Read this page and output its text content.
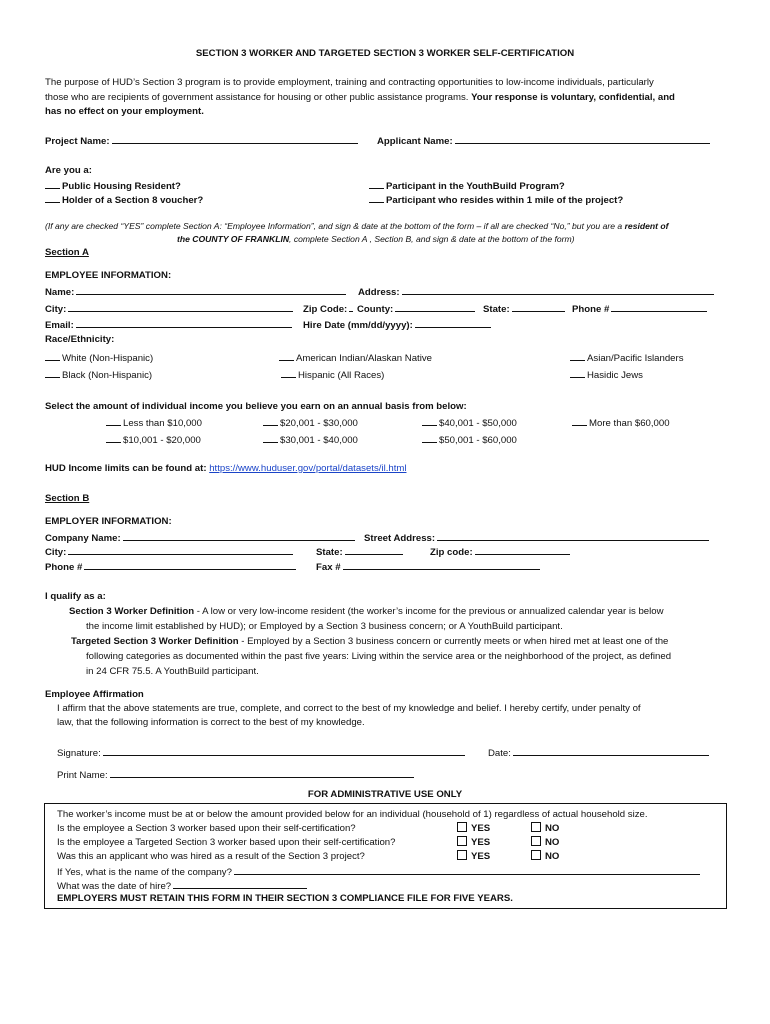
SECTION 3 WORKER AND TARGETED SECTION 3 WORKER SELF-CERTIFICATION
The purpose of HUD’s Section 3 program is to provide employment, training and contracting opportunities to low-income individuals, particularly
those who are recipients of government assistance for housing or other public assistance programs. Your response is voluntary, confidential, and
has no effect on your employment.
Project Name:	Applicant Name:
Are you a:
Public Housing Resident?
Holder of a Section 8 voucher?
Participant in the YouthBuild Program?
Participant who resides within 1 mile of the project?
(If any are checked “YES” complete Section A: “Employee Information”, and sign & date at the bottom of the form – if all are checked “No,” but you are a resident of
the COUNTY OF FRANKLIN, complete Section A , Section B, and sign & date at the bottom of the form)
Section A
EMPLOYEE INFORMATION:
Name:	Address:
City:	Zip Code:	County:	State:	Phone #
Email:	Hire Date (mm/dd/yyyy):
Race/Ethnicity:
White (Non-Hispanic)	American Indian/Alaskan Native	Asian/Pacific Islanders
Black (Non-Hispanic)	Hispanic (All Races)	Hasidic Jews
Select the amount of individual income you believe you earn on an annual basis from below:
Less than $10,000	$20,001 - $30,000	$40,001 - $50,000	More than $60,000
$10,001 - $20,000	$30,001 - $40,000	$50,001 - $60,000
HUD Income limits can be found at: https://www.huduser.gov/portal/datasets/il.html
Section B
EMPLOYER INFORMATION:
Company Name:	Street Address:
City:	State:	Zip code:
Phone #	Fax #
I qualify as a:
Section 3 Worker Definition - A low or very low-income resident (the worker’s income for the previous or annualized calendar year is below
the income limit established by HUD); or Employed by a Section 3 business concern; or A YouthBuild participant.
Targeted Section 3 Worker Definition - Employed by a Section 3 business concern or currently meets or when hired met at least one of the
following categories as documented within the past five years: Living within the service area or the neighborhood of the project, as defined
in 24 CFR 75.5. A YouthBuild participant.
Employee Affirmation
I affirm that the above statements are true, complete, and correct to the best of my knowledge and belief. I hereby certify, under penalty of
law, that the following information is correct to the best of my knowledge.
Signature:	Date:
Print Name:
FOR ADMINISTRATIVE USE ONLY
The worker’s income must be at or below the amount provided below for an individual (household of 1) regardless of actual household size.
Is the employee a Section 3 worker based upon their self-certification?	YES	NO
Is the employee a Targeted Section 3 worker based upon their self-certification?	YES	NO
Was this an applicant who was hired as a result of the Section 3 project?	YES	NO
If Yes, what is the name of the company?
What was the date of hire?
EMPLOYERS MUST RETAIN THIS FORM IN THEIR SECTION 3 COMPLIANCE FILE FOR FIVE YEARS.
